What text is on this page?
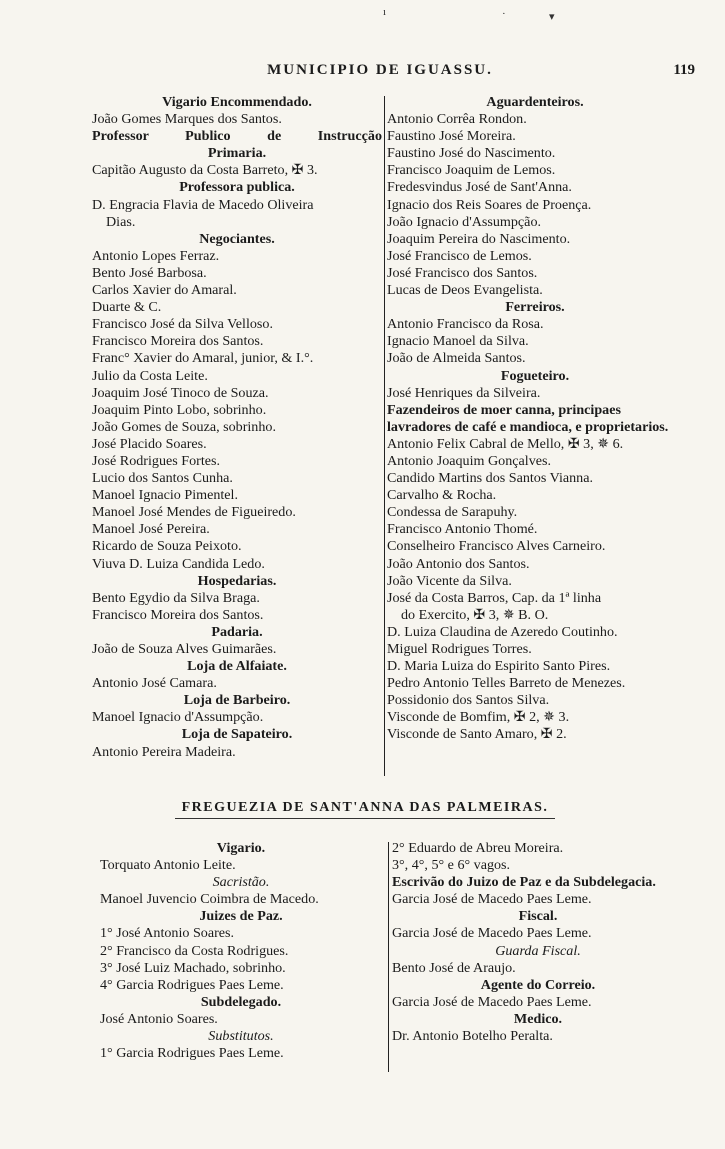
ı	·	▾
MUNICIPIO DE IGUASSU.	119
Vigario Encommendado.
João Gomes Marques dos Santos.
Professor Publico de Instrucção
Primaria.
Capitão Augusto da Costa Barreto, ✠ 3.
Professora publica.
D. Engracia Flavia de Macedo Oliveira
Dias.
Negociantes.
Antonio Lopes Ferraz.
Bento José Barbosa.
Carlos Xavier do Amaral.
Duarte & C.
Francisco José da Silva Velloso.
Francisco Moreira dos Santos.
Franc° Xavier do Amaral, junior, & I.°.
Julio da Costa Leite.
Joaquim José Tinoco de Souza.
Joaquim Pinto Lobo, sobrinho.
João Gomes de Souza, sobrinho.
José Placido Soares.
José Rodrigues Fortes.
Lucio dos Santos Cunha.
Manoel Ignacio Pimentel.
Manoel José Mendes de Figueiredo.
Manoel José Pereira.
Ricardo de Souza Peixoto.
Viuva D. Luiza Candida Ledo.
Hospedarias.
Bento Egydio da Silva Braga.
Francisco Moreira dos Santos.
Padaria.
João de Souza Alves Guimarães.
Loja de Alfaiate.
Antonio José Camara.
Loja de Barbeiro.
Manoel Ignacio d'Assumpção.
Loja de Sapateiro.
Antonio Pereira Madeira.
Aguardenteiros.
Antonio Corrêa Rondon.
Faustino José Moreira.
Faustino José do Nascimento.
Francisco Joaquim de Lemos.
Fredesvindus José de Sant'Anna.
Ignacio dos Reis Soares de Proença.
João Ignacio d'Assumpção.
Joaquim Pereira do Nascimento.
José Francisco de Lemos.
José Francisco dos Santos.
Lucas de Deos Evangelista.
Ferreiros.
Antonio Francisco da Rosa.
Ignacio Manoel da Silva.
João de Almeida Santos.
Fogueteiro.
José Henriques da Silveira.
Fazendeiros de moer canna, principaes lavradores de café e mandioca, e proprietarios.
Antonio Felix Cabral de Mello, ✠ 3, ✵ 6.
Antonio Joaquim Gonçalves.
Candido Martins dos Santos Vianna.
Carvalho & Rocha.
Condessa de Sarapuhy.
Francisco Antonio Thomé.
Conselheiro Francisco Alves Carneiro.
João Antonio dos Santos.
João Vicente da Silva.
José da Costa Barros, Cap. da 1ª linha
do Exercito, ✠ 3, ✵ B. O.
D. Luiza Claudina de Azeredo Coutinho.
Miguel Rodrigues Torres.
D. Maria Luiza do Espirito Santo Pires.
Pedro Antonio Telles Barreto de Menezes.
Possidonio dos Santos Silva.
Visconde de Bomfim, ✠ 2, ✵ 3.
Visconde de Santo Amaro, ✠ 2.
FREGUEZIA DE SANT'ANNA DAS PALMEIRAS.
Vigario.
Torquato Antonio Leite.
Sacristão.
Manoel Juvencio Coimbra de Macedo.
Juizes de Paz.
1° José Antonio Soares.
2° Francisco da Costa Rodrigues.
3° José Luiz Machado, sobrinho.
4° Garcia Rodrigues Paes Leme.
Subdelegado.
José Antonio Soares.
Substitutos.
1° Garcia Rodrigues Paes Leme.
2° Eduardo de Abreu Moreira.
3°, 4°, 5° e 6° vagos.
Escrivão do Juizo de Paz e da Subdelegacia.
Garcia José de Macedo Paes Leme.
Fiscal.
Garcia José de Macedo Paes Leme.
Guarda Fiscal.
Bento José de Araujo.
Agente do Correio.
Garcia José de Macedo Paes Leme.
Medico.
Dr. Antonio Botelho Peralta.
